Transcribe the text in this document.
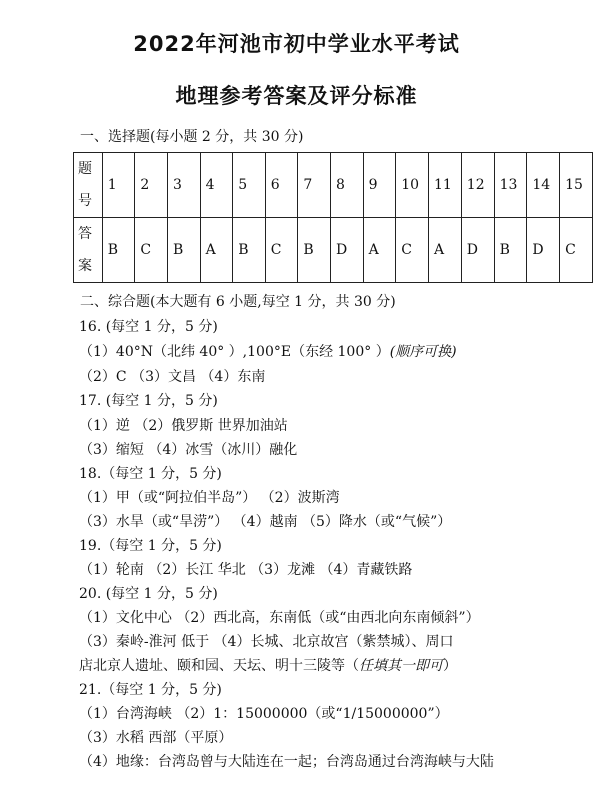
2022年河池市初中学业水平考试
地理参考答案及评分标准
一、选择题(每小题 2 分，共 30 分)
题号	1	2	3	4	5	6	7	8	9	10	11	12	13	14	15
答案	B	C	B	A	B	C	B	D	A	C	A	D	B	D	C
二、综合题(本大题有 6 小题,每空 1 分，共 30 分)
16. (每空 1 分，5 分)
（1）40°N（北纬 40° ）,100°E（东经 100° ）(顺序可换)
（2）C （3）文昌 （4）东南
17. (每空 1 分，5 分)
（1）逆 （2）俄罗斯 世界加油站
（3）缩短 （4）冰雪（冰川）融化
18.（每空 1 分，5 分)
（1）甲（或“阿拉伯半岛”） （2）波斯湾
（3）水旱（或“旱涝”） （4）越南 （5）降水（或“气候”）
19.（每空 1 分，5 分)
（1）轮南 （2）长江 华北 （3）龙滩 （4）青藏铁路
20. (每空 1 分，5 分)
（1）文化中心 （2）西北高，东南低（或“由西北向东南倾斜”）
（3）秦岭-淮河 低于 （4）长城、北京故宫（紫禁城）、周口
店北京人遗址、颐和园、天坛、明十三陵等（任填其一即可）
21.（每空 1 分，5 分)
（1）台湾海峡 （2）1：15000000（或“1/15000000”）
（3）水稻 西部（平原）
（4）地缘：台湾岛曾与大陆连在一起；台湾岛通过台湾海峡与大陆
